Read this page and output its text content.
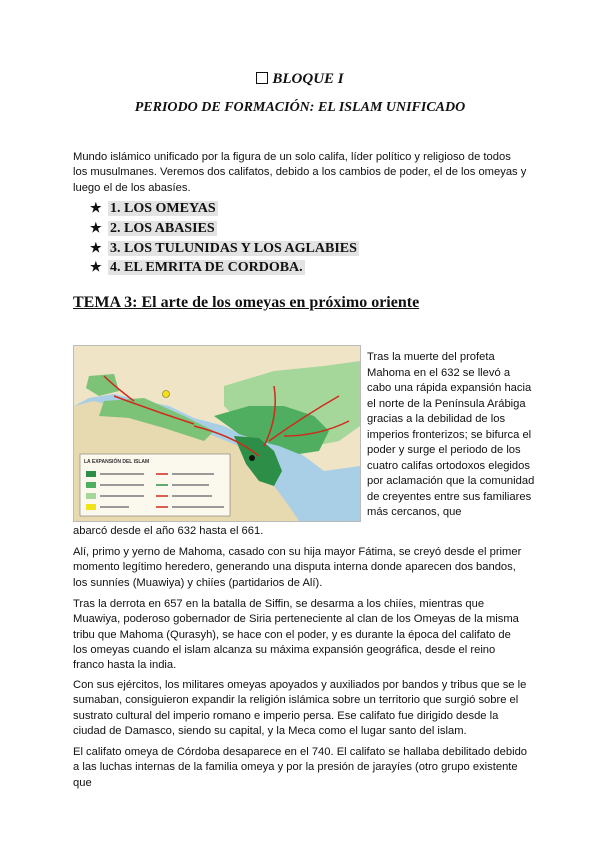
BLOQUE I
PERIODO DE FORMACIÓN: EL ISLAM UNIFICADO

Mundo islámico unificado por la figura de un solo califa, líder político y religioso de todos los musulmanes. Veremos dos califatos, debido a los cambios de poder, el de los omeyas y luego el de los abasíes.

★ 1. LOS OMEYAS
★ 2. LOS ABASIES
★ 3. LOS TULUNIDAS Y LOS AGLABIES
★ 4. EL EMRITA DE CORDOBA.
TEMA 3: El arte de los omeyas en próximo oriente
LA EXPANSIÓN DEL ISLAM

Tras la muerte del profeta Mahoma en el 632 se llevó a cabo una rápida expansión hacia el norte de la Península Arábiga gracias a la debilidad de los imperios fronterizos; se bifurca el poder y surge el periodo de los cuatro califas ortodoxos elegidos por aclamación que la comunidad de creyentes entre sus familiares más cercanos, que

abarcó desde el año 632 hasta el 661.

Alí, primo y yerno de Mahoma, casado con su hija mayor Fátima, se creyó desde el primer momento legítimo heredero, generando una disputa interna donde aparecen dos bandos, los sunníes (Muawiya) y chiíes (partidarios de Alí).

Tras la derrota en 657 en la batalla de Siffin, se desarma a los chiíes, mientras que Muawiya, poderoso gobernador de Siria perteneciente al clan de los Omeyas de la misma tribu que Mahoma (Qurasyh), se hace con el poder, y es durante la época del califato de los omeyas cuando el islam alcanza su máxima expansión geográfica, desde el reino franco hasta la india.

Con sus ejércitos, los militares omeyas apoyados y auxiliados por bandos y tribus que se le sumaban, consiguieron expandir la religión islámica sobre un territorio que surgió sobre el sustrato cultural del imperio romano e imperio persa. Ese califato fue dirigido desde la ciudad de Damasco, siendo su capital, y la Meca como el lugar santo del islam.

El califato omeya de Córdoba desaparece en el 740. El califato se hallaba debilitado debido a las luchas internas de la familia omeya y por la presión de jarayíes (otro grupo existente que
